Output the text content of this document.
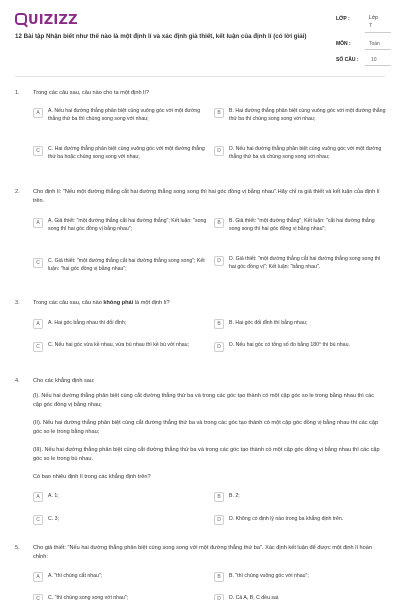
UIZIZZ
12 Bài tập Nhận biết như thế nào là một định lí và xác định giả thiết, kết luận của định lí (có lời giải)
LỚP :	Lớp
7
MÔN :	Toán
SỐ CÂU :	10
1. Trong các câu sau, câu nào cho ta một định lí?
A	A. Nếu hai đường thẳng phân biệt cùng vuông góc với một đường thẳng thứ ba thì chúng song song với nhau;
B	B. Hai đường thẳng phân biệt cùng vuông góc với một đường thẳng thứ ba thì chúng song song với nhau;
C	C. Hai đường thẳng phân biệt cùng vuông góc với một đường thẳng thứ ba hoặc chúng song song với nhau;
D	D. Nếu hai đường thẳng phân biệt cùng vuông góc với một đường thẳng thứ ba và chúng song song với nhau;
2. Cho định lí: "Nếu một đường thẳng cắt hai đường thẳng song song thì hai góc đồng vị bằng nhau".Hãy chỉ ra giả thiết và kết luận của định lí trên.
A	A. Giả thiết: "một đường thẳng cắt hai đường thẳng"; Kết luận: "song song thì hai góc đồng vị bằng nhau";
B	B. Giả thiết: "một đường thẳng"; Kết luận: "cắt hai đường thẳng song song thì hai góc đồng vị bằng nhau";
C	C. Giả thiết: "một đường thẳng cắt hai đường thẳng song song"; Kết luận: "hai góc đồng vị bằng nhau";
D	D. Giả thiết: "một đường thẳng cắt hai đường thẳng song song thì hai góc đồng vị"; Kết luận: "bằng nhau".
3. Trong các câu sau, câu nào không phải là một định lí?
A	A. Hai góc bằng nhau thì đối đỉnh;	B	B. Hai góc đối đỉnh thì bằng nhau;
C	C. Nếu hai góc vừa kề nhau, vừa bù nhau thì kề bù với nhau;	D	D. Nếu hai góc có tổng số đo bằng 180° thì bù nhau.
4. Cho các khẳng định sau:
(I). Nếu hai đường thẳng phân biệt cùng cắt đường thẳng thứ ba và trong các góc tạo thành có một cặp góc so le trong bằng nhau thì các cặp góc đồng vị bằng nhau;
(II). Nếu hai đường thẳng phân biệt cùng cắt đường thẳng thứ ba và trong các góc tạo thành có một cặp góc đồng vị bằng nhau thì các cặp góc so le trong bằng nhau;
(III). Nếu hai đường thẳng phân biệt cùng cắt đường thẳng thứ ba và trong các góc tạo thành có một cặp góc đồng vị bằng nhau thì các cặp góc so le trong bù nhau.
Có bao nhiêu định lí trong các khẳng định trên?
A	A. 1;	B	B. 2;
C	C. 3;	D	D. Không có định lý nào trong ba khẳng định trên.
5. Cho giả thiết: "Nếu hai đường thẳng phân biệt cùng song song với một đường thẳng thứ ba". Xác định kết luận để được một định lí hoàn chỉnh:
A	A. "thì chúng cắt nhau";	B	B. "thì chúng vuông góc với nhau";
C	C. "thì chúng song song với nhau";	D	D. Cả A, B, C đều sai.
